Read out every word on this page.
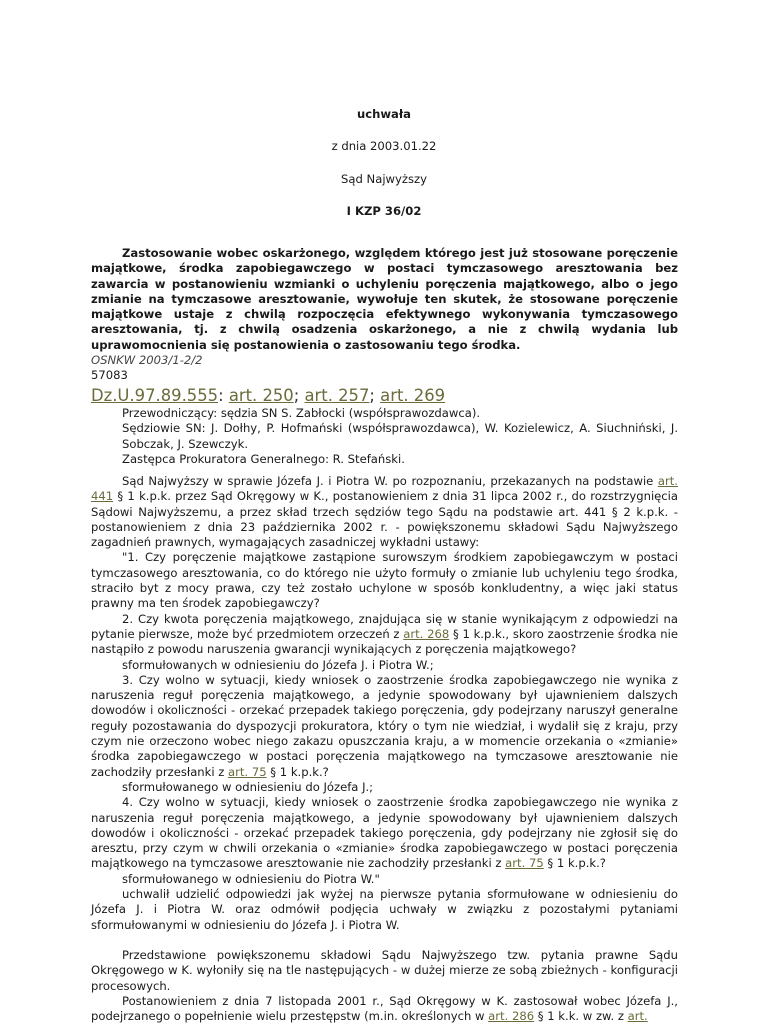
uchwała
z dnia 2003.01.22
Sąd Najwyższy
I KZP 36/02

Zastosowanie wobec oskarżonego, względem którego jest już stosowane poręczenie majątkowe, środka zapobiegawczego w postaci tymczasowego aresztowania bez zawarcia w postanowieniu wzmianki o uchyleniu poręczenia majątkowego, albo o jego zmianie na tymczasowe aresztowanie, wywołuje ten skutek, że stosowane poręczenie majątkowe ustaje z chwilą rozpoczęcia efektywnego wykonywania tymczasowego aresztowania, tj. z chwilą osadzenia oskarżonego, a nie z chwilą wydania lub uprawomocnienia się postanowienia o zastosowaniu tego środka.

OSNKW 2003/1-2/2

57083

Dz.U.97.89.555: art. 250; art. 257; art. 269

Przewodniczący: sędzia SN S. Zabłocki (współsprawozdawca).

Sędziowie SN: J. Dołhy, P. Hofmański (współsprawozdawca), W. Kozielewicz, A. Siuchniński, J. Sobczak, J. Szewczyk.

Zastępca Prokuratora Generalnego: R. Stefański.

Sąd Najwyższy w sprawie Józefa J. i Piotra W. po rozpoznaniu, przekazanych na podstawie art. 441 § 1 k.p.k. przez Sąd Okręgowy w K., postanowieniem z dnia 31 lipca 2002 r., do rozstrzygnięcia Sądowi Najwyższemu, a przez skład trzech sędziów tego Sądu na podstawie art. 441 § 2 k.p.k. - postanowieniem z dnia 23 października 2002 r. - powiększonemu składowi Sądu Najwyższego zagadnień prawnych, wymagających zasadniczej wykładni ustawy:

"1. Czy poręczenie majątkowe zastąpione surowszym środkiem zapobiegawczym w postaci tymczasowego aresztowania, co do którego nie użyto formuły o zmianie lub uchyleniu tego środka, straciło byt z mocy prawa, czy też zostało uchylone w sposób konkludentny, a więc jaki status prawny ma ten środek zapobiegawczy?

2. Czy kwota poręczenia majątkowego, znajdująca się w stanie wynikającym z odpowiedzi na pytanie pierwsze, może być przedmiotem orzeczeń z art. 268 § 1 k.p.k., skoro zaostrzenie środka nie nastąpiło z powodu naruszenia gwarancji wynikających z poręczenia majątkowego?

sformułowanych w odniesieniu do Józefa J. i Piotra W.;

3. Czy wolno w sytuacji, kiedy wniosek o zaostrzenie środka zapobiegawczego nie wynika z naruszenia reguł poręczenia majątkowego, a jedynie spowodowany był ujawnieniem dalszych dowodów i okoliczności - orzekać przepadek takiego poręczenia, gdy podejrzany naruszył generalne reguły pozostawania do dyspozycji prokuratora, który o tym nie wiedział, i wydalił się z kraju, przy czym nie orzeczono wobec niego zakazu opuszczania kraju, a w momencie orzekania o «zmianie» środka zapobiegawczego w postaci poręczenia majątkowego na tymczasowe aresztowanie nie zachodziły przesłanki z art. 75 § 1 k.p.k.?

sformułowanego w odniesieniu do Józefa J.;

4. Czy wolno w sytuacji, kiedy wniosek o zaostrzenie środka zapobiegawczego nie wynika z naruszenia reguł poręczenia majątkowego, a jedynie spowodowany był ujawnieniem dalszych dowodów i okoliczności - orzekać przepadek takiego poręczenia, gdy podejrzany nie zgłosił się do aresztu, przy czym w chwili orzekania o «zmianie» środka zapobiegawczego w postaci poręczenia majątkowego na tymczasowe aresztowanie nie zachodziły przesłanki z art. 75 § 1 k.p.k.?

sformułowanego w odniesieniu do Piotra W."

uchwalił udzielić odpowiedzi jak wyżej na pierwsze pytania sformułowane w odniesieniu do Józefa J. i Piotra W. oraz odmówił podjęcia uchwały w związku z pozostałymi pytaniami sformułowanymi w odniesieniu do Józefa J. i Piotra W.

Przedstawione powiększonemu składowi Sądu Najwyższego tzw. pytania prawne Sądu Okręgowego w K. wyłoniły się na tle następujących - w dużej mierze ze sobą zbieżnych - konfiguracji procesowych.

Postanowieniem z dnia 7 listopada 2001 r., Sąd Okręgowy w K. zastosował wobec Józefa J., podejrzanego o popełnienie wielu przestępstw (m.in. określonych w art. 286 § 1 k.k. w zw. z art.
